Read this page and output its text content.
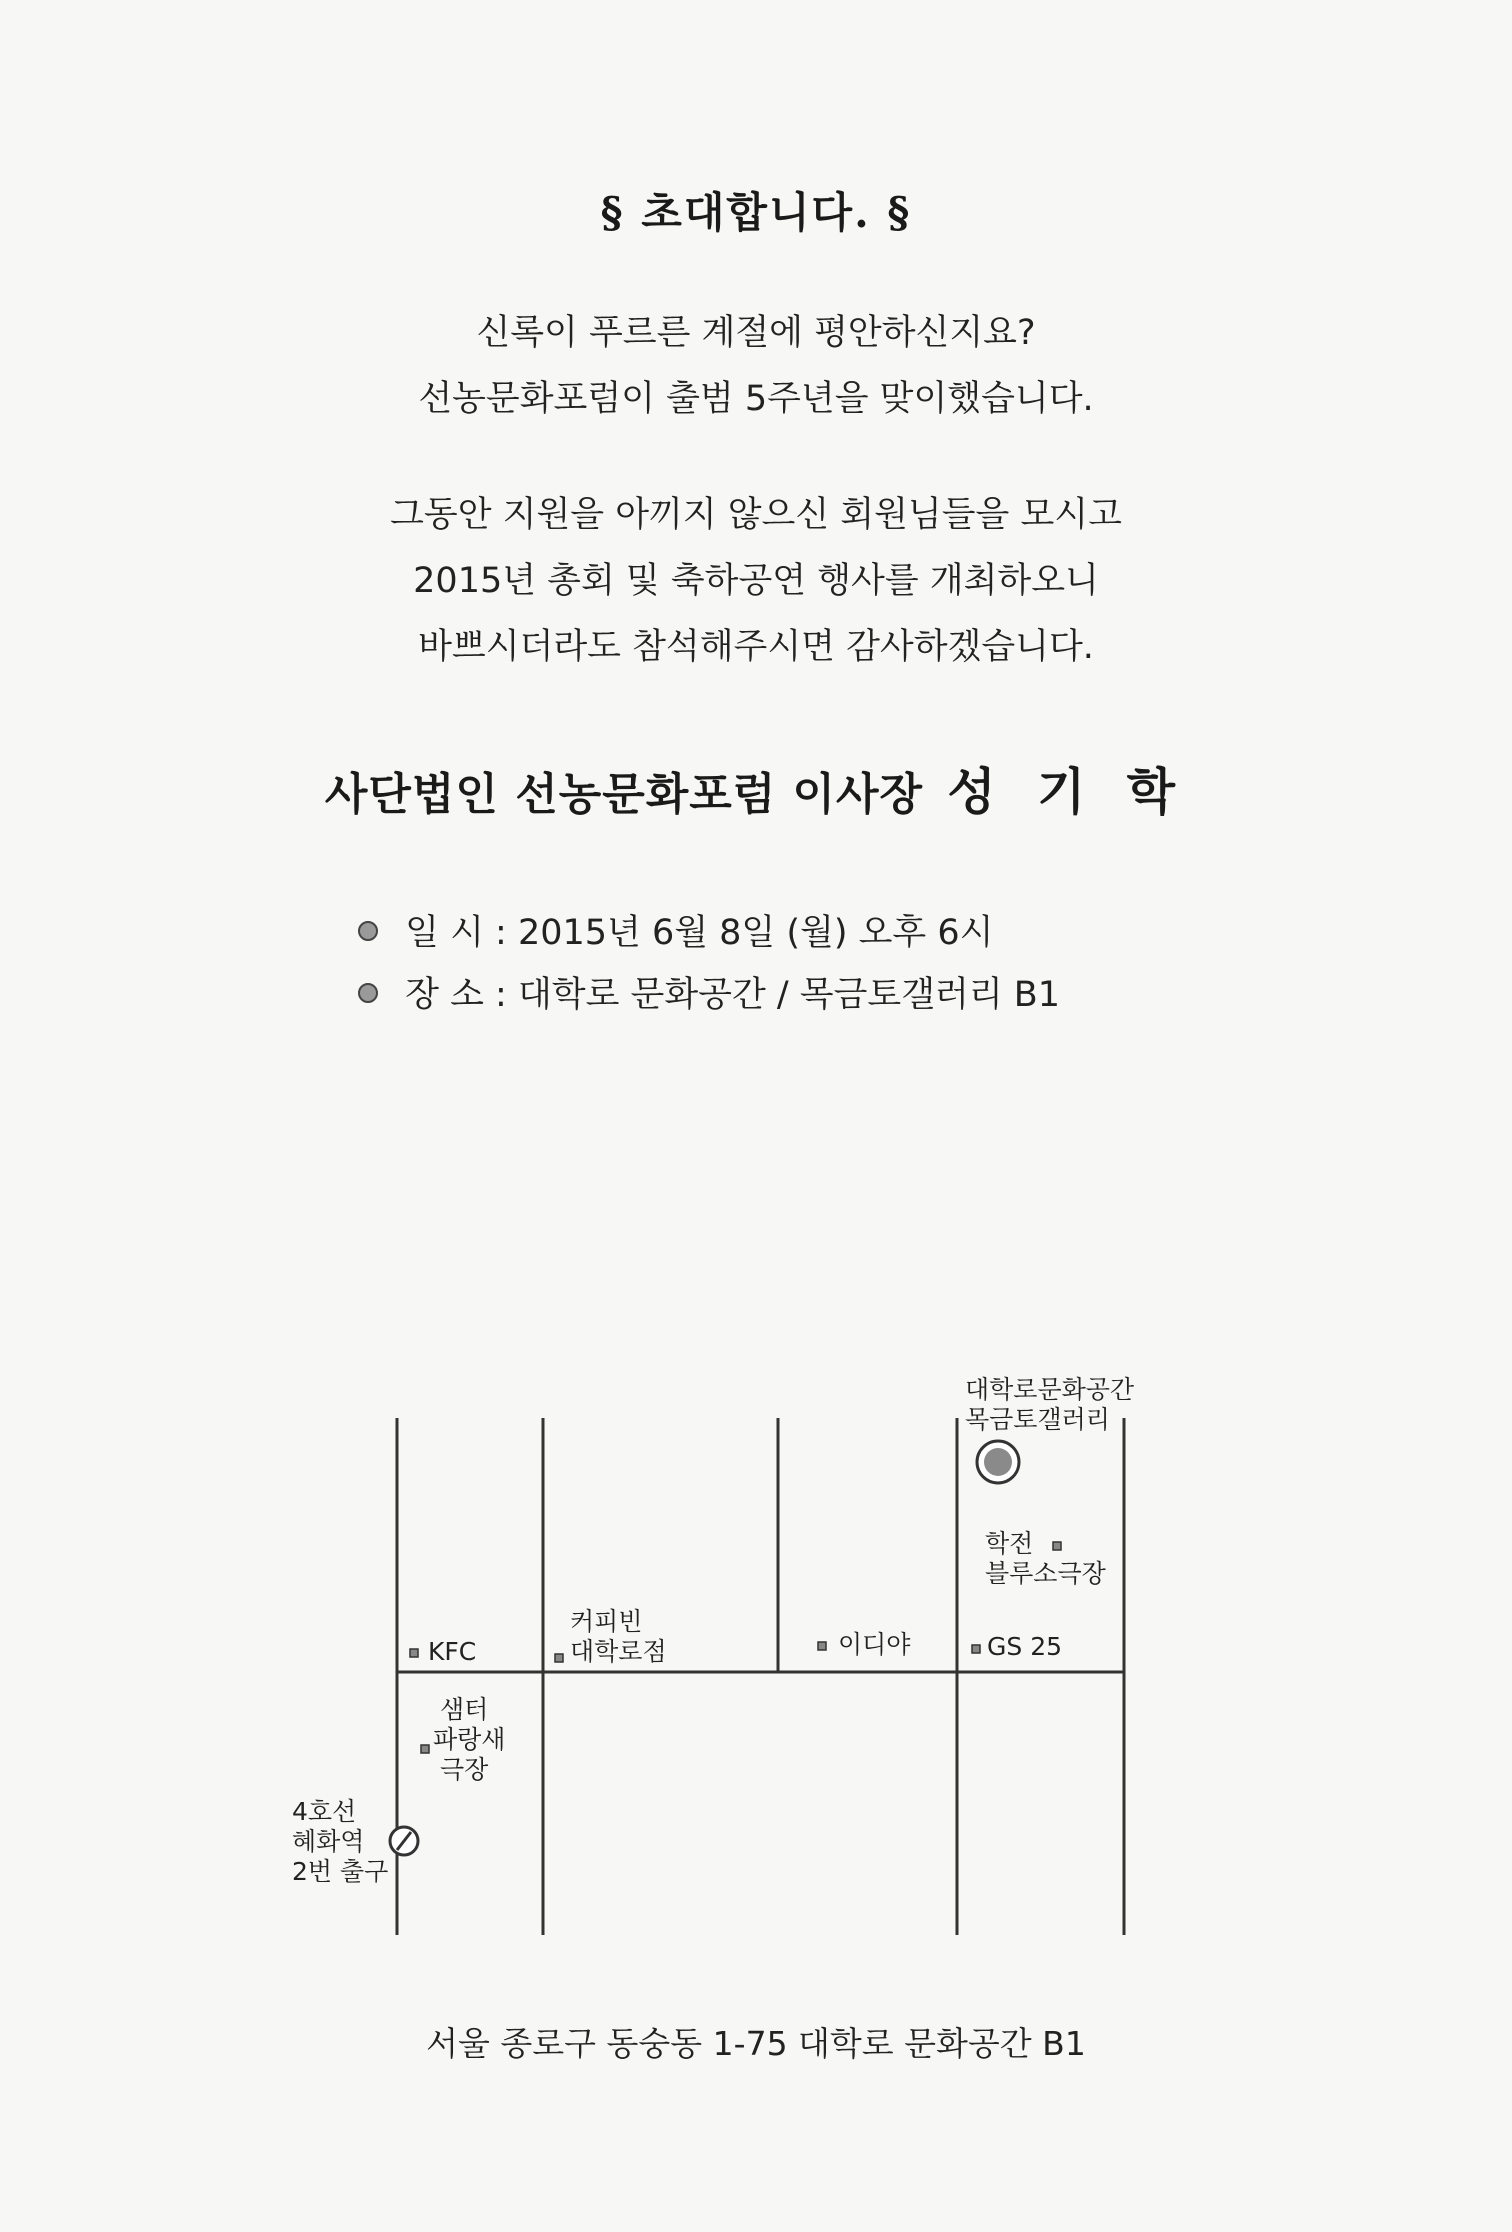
§ 초대합니다. §
신록이 푸르른 계절에 평안하신지요?
선농문화포럼이 출범 5주년을 맞이했습니다.
그동안 지원을 아끼지 않으신 회원님들을 모시고
2015년 총회 및 축하공연 행사를 개최하오니
바쁘시더라도 참석해주시면 감사하겠습니다.
사단법인 선농문화포럼 이사장 성 기 학
일 시 : 2015년 6월 8일 (월) 오후 6시
장 소 : 대학로 문화공간 / 목금토갤러리 B1
대학로문화공간
목금토갤러리
학전
블루소극장
KFC
커피빈
대학로점	이디야	GS 25
샘터
파랑새
극장
4호선
혜화역
2번 출구
서울 종로구 동숭동 1-75 대학로 문화공간 B1
